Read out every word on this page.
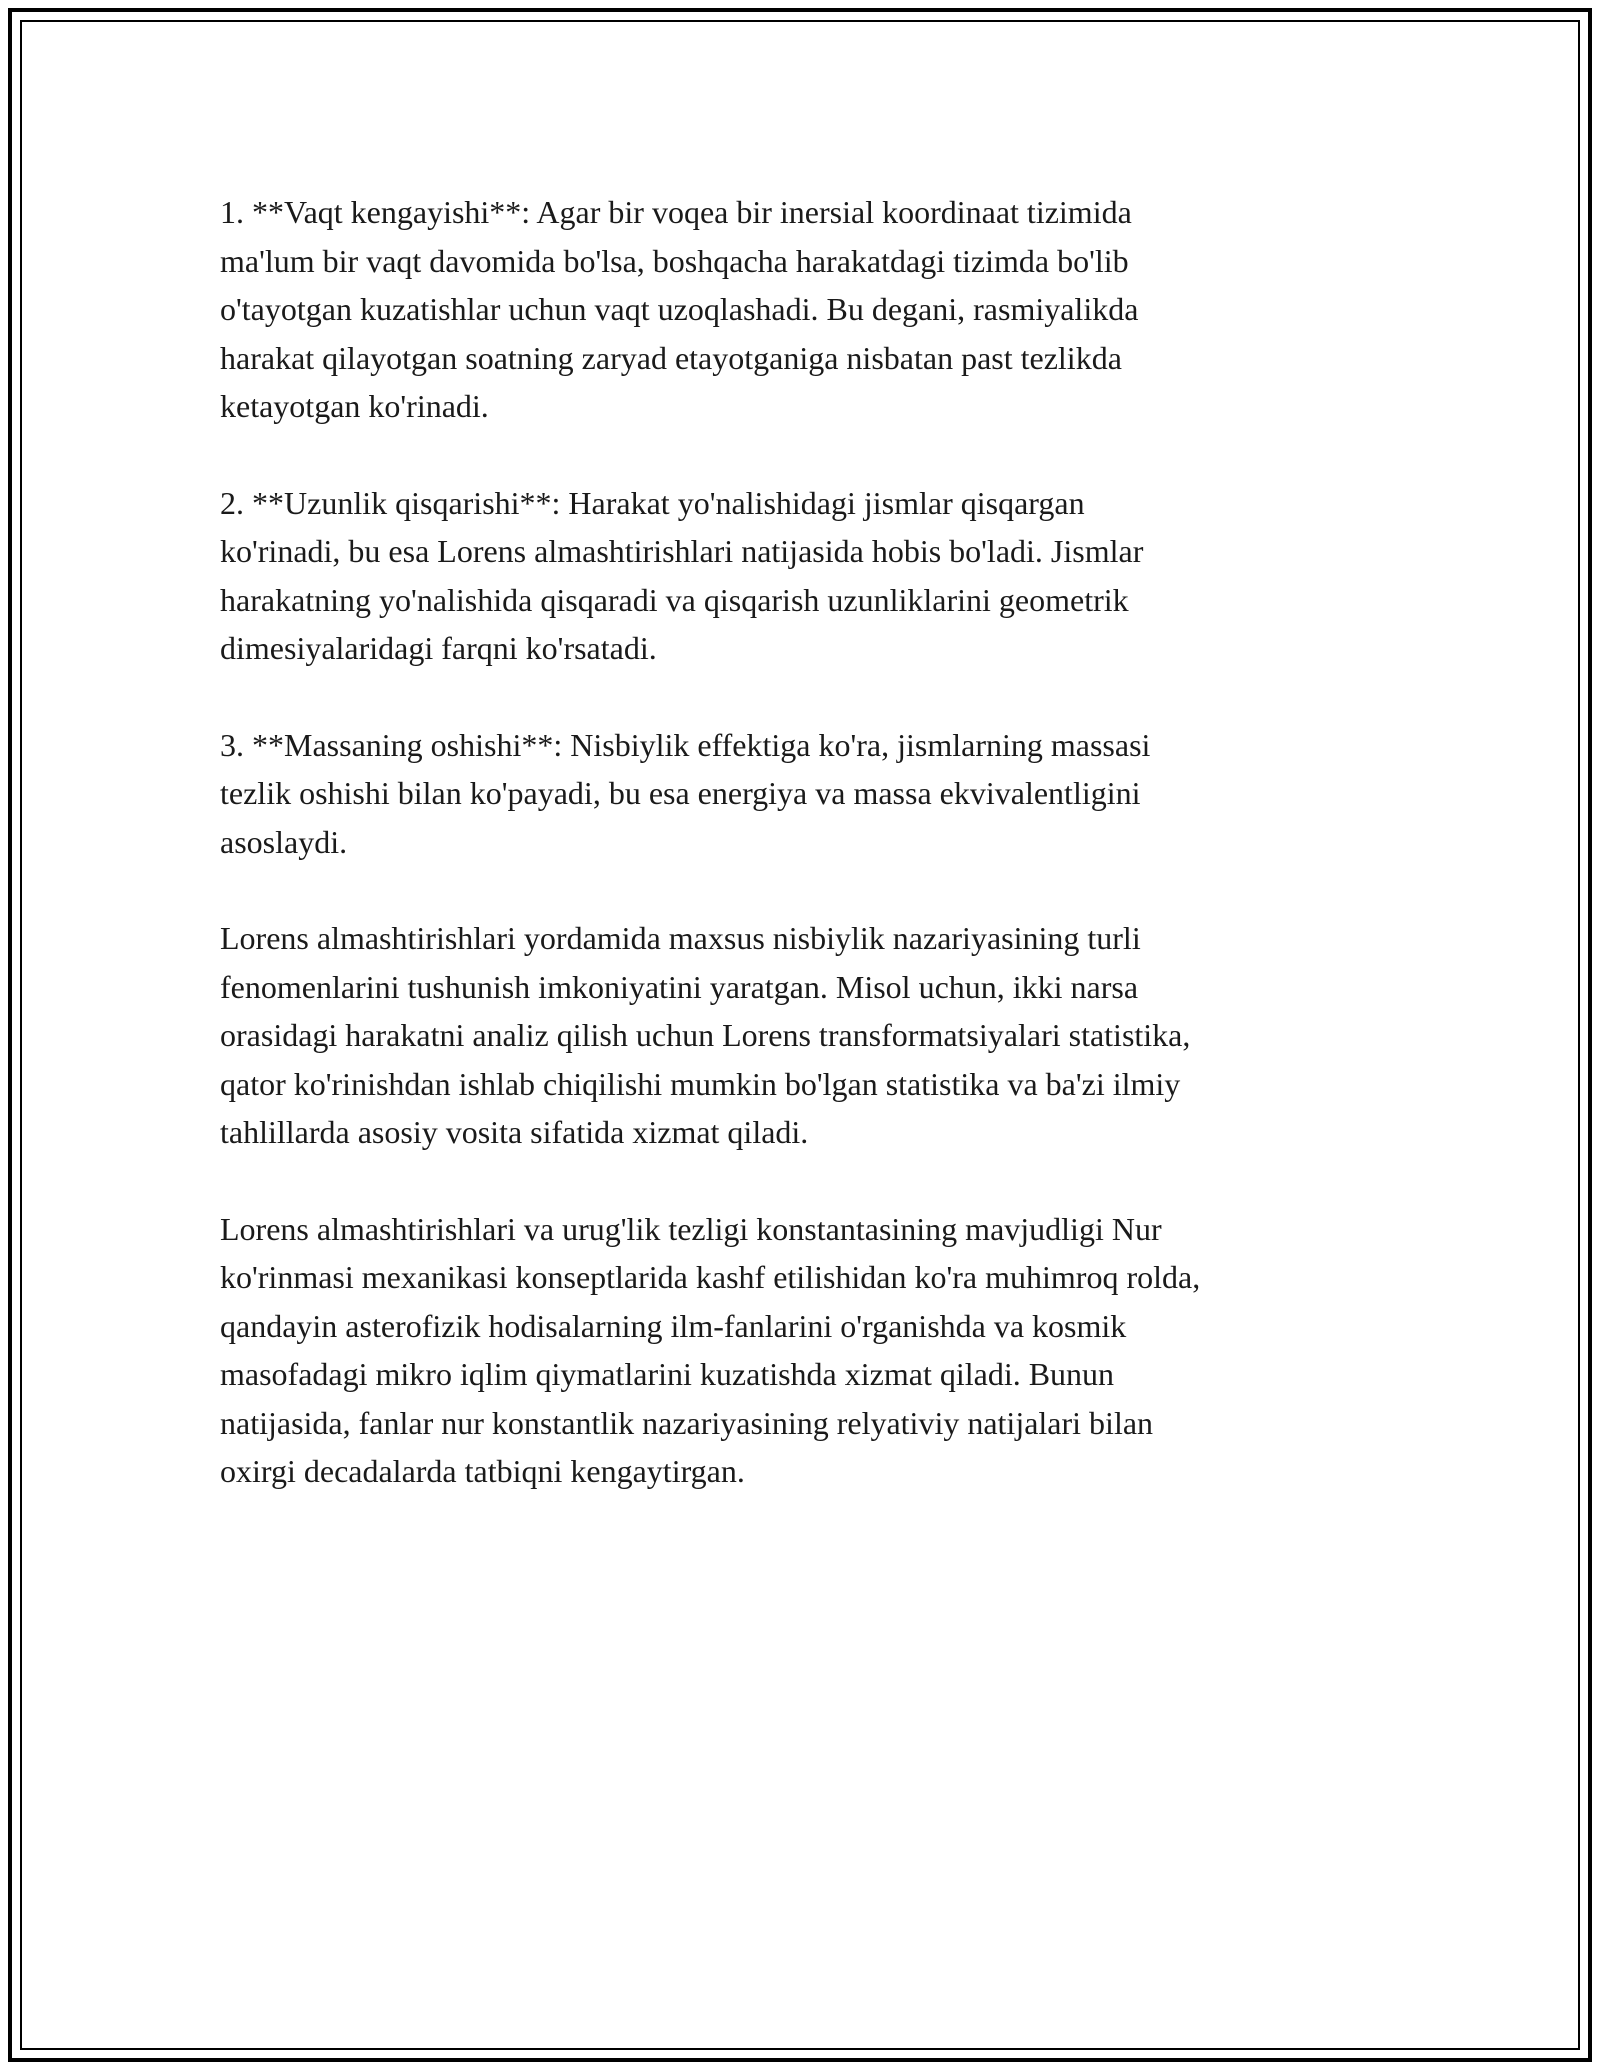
1. **Vaqt kengayishi**: Agar bir voqea bir inersial koordinaat tizimida
ma'lum bir vaqt davomida bo'lsa, boshqacha harakatdagi tizimda bo'lib
o'tayotgan kuzatishlar uchun vaqt uzoqlashadi. Bu degani, rasmiyalikda
harakat qilayotgan soatning zaryad etayotganiga nisbatan past tezlikda
ketayotgan ko'rinadi.

2. **Uzunlik qisqarishi**: Harakat yo'nalishidagi jismlar qisqargan
ko'rinadi, bu esa Lorens almashtirishlari natijasida hobis bo'ladi. Jismlar
harakatning yo'nalishida qisqaradi va qisqarish uzunliklarini geometrik
dimesiyalaridagi farqni ko'rsatadi.

3. **Massaning oshishi**: Nisbiylik effektiga ko'ra, jismlarning massasi
tezlik oshishi bilan ko'payadi, bu esa energiya va massa ekvivalentligini
asoslaydi.

Lorens almashtirishlari yordamida maxsus nisbiylik nazariyasining turli
fenomenlarini tushunish imkoniyatini yaratgan. Misol uchun, ikki narsa
orasidagi harakatni analiz qilish uchun Lorens transformatsiyalari statistika,
qator ko'rinishdan ishlab chiqilishi mumkin bo'lgan statistika va ba'zi ilmiy
tahlillarda asosiy vosita sifatida xizmat qiladi.

Lorens almashtirishlari va urug'lik tezligi konstantasining mavjudligi Nur
ko'rinmasi mexanikasi konseptlarida kashf etilishidan ko'ra muhimroq rolda,
qandayin asterofizik hodisalarning ilm-fanlarini o'rganishda va kosmik
masofadagi mikro iqlim qiymatlarini kuzatishda xizmat qiladi. Bunun
natijasida, fanlar nur konstantlik nazariyasining relyativiy natijalari bilan
oxirgi decadalarda tatbiqni kengaytirgan.
